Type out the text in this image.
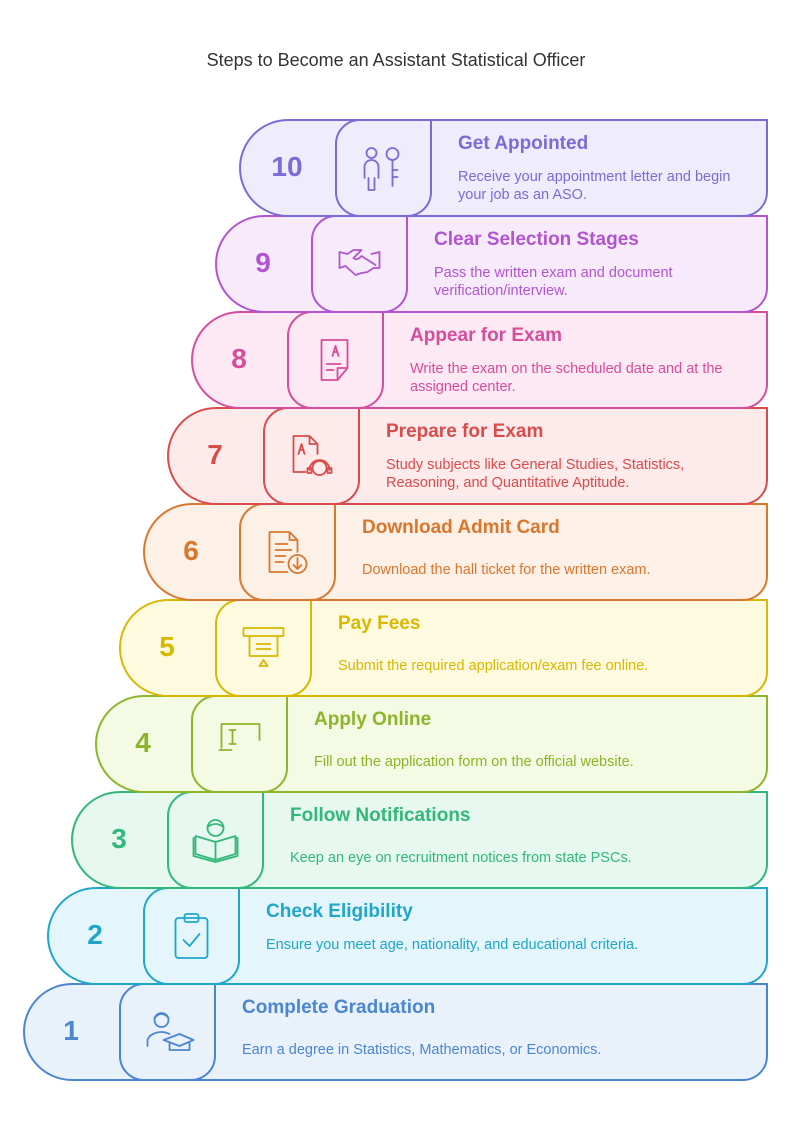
Steps to Become an Assistant Statistical Officer
1
Complete Graduation
Earn a degree in Statistics, Mathematics, or Economics.
2
Check Eligibility
Ensure you meet age, nationality, and educational criteria.
3
Follow Notifications
Keep an eye on recruitment notices from state PSCs.
4
Apply Online
Fill out the application form on the official website.
5
Pay Fees
Submit the required application/exam fee online.
6
Download Admit Card
Download the hall ticket for the written exam.
7
Prepare for Exam
Study subjects like General Studies, Statistics, Reasoning, and Quantitative Aptitude.
8
Appear for Exam
Write the exam on the scheduled date and at the assigned center.
9
Clear Selection Stages
Pass the written exam and document verification/interview.
10
Get Appointed
Receive your appointment letter and begin your job as an ASO.
